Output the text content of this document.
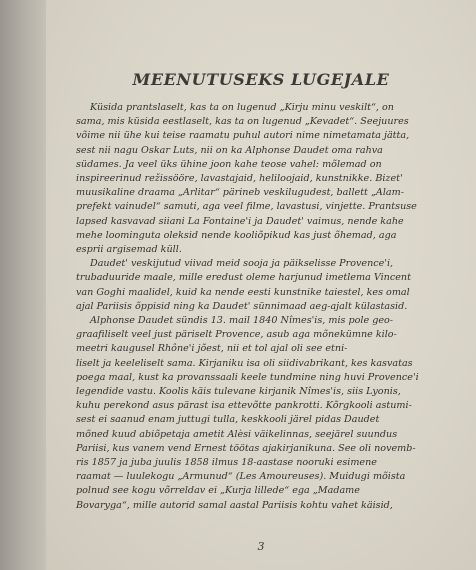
MEENUTUSEKS LUGEJALE

Küsida prantslaselt, kas ta on lugenud „Kirju minu veskilt“, on
sama, mis küsida eestlaselt, kas ta on lugenud „Kevadet“. Seejuures
võime nii ühe kui teise raamatu puhul autori nime nimetamata jätta,
sest nii nagu Oskar Luts, nii on ka Alphonse Daudet oma rahva
südames. Ja veel üks ühine joon kahe teose vahel: mõlemad on
inspireerinud režissööre, lavastajaid, heliloojaid, kunstnikke. Bizet'
muusikaline draama „Arlitar“ pärineb veskilugudest, ballett „Alam-
prefekt vainudel“ samuti, aga veel filme, lavastusi, vinjette. Prantsuse
lapsed kasvavad siiani La Fontaine'i ja Daudet' vaimus, nende kahe
mehe loominguta oleksid nende kooliõpikud kas just õhemad, aga
esprii argisemad küll.

Daudet' veskijutud viivad meid sooja ja päikselisse Provence'i,
trubaduuride maale, mille eredust oleme harjunud imetlema Vincent
van Goghi maalidel, kuid ka nende eesti kunstnike taiestel, kes omal
ajal Pariisis õppisid ning ka Daudet' sünnimaad aeg-ajalt külastasid.

Alphonse Daudet sündis 13. mail 1840 Nîmes'is, mis pole geo-
graafiliselt veel just päriselt Provence, asub aga mõnekümne kilo-
meetri kaugusel Rhône'i jõest, nii et tol ajal oli see etni-
liselt ja keeleliselt sama. Kirjaniku isa oli siidivabrikant, kes kasvatas
poega maal, kust ka provanssaali keele tundmine ning huvi Provence'i
legendide vastu. Koolis käis tulevane kirjanik Nîmes'is, siis Lyonis,
kuhu perekond asus pärast isa ettevõtte pankrotti. Kõrgkooli astumi-
sest ei saanud enam juttugi tulla, keskkooli järel pidas Daudet
mõned kuud abiõpetaja ametit Alèsi väikelinnas, seejärel suundus
Pariisi, kus vanem vend Ernest töötas ajakirjanikuna. See oli novemb-
ris 1857 ja juba juulis 1858 ilmus 18-aastase nooruki esimene
raamat — luulekogu „Armunud“ (Les Amoureuses). Muidugi mõista
polnud see kogu võrreldav ei „Kurja lillede“ ega „Madame
Bovaryga“, mille autorid samal aastal Pariisis kohtu vahet käisid,

3
